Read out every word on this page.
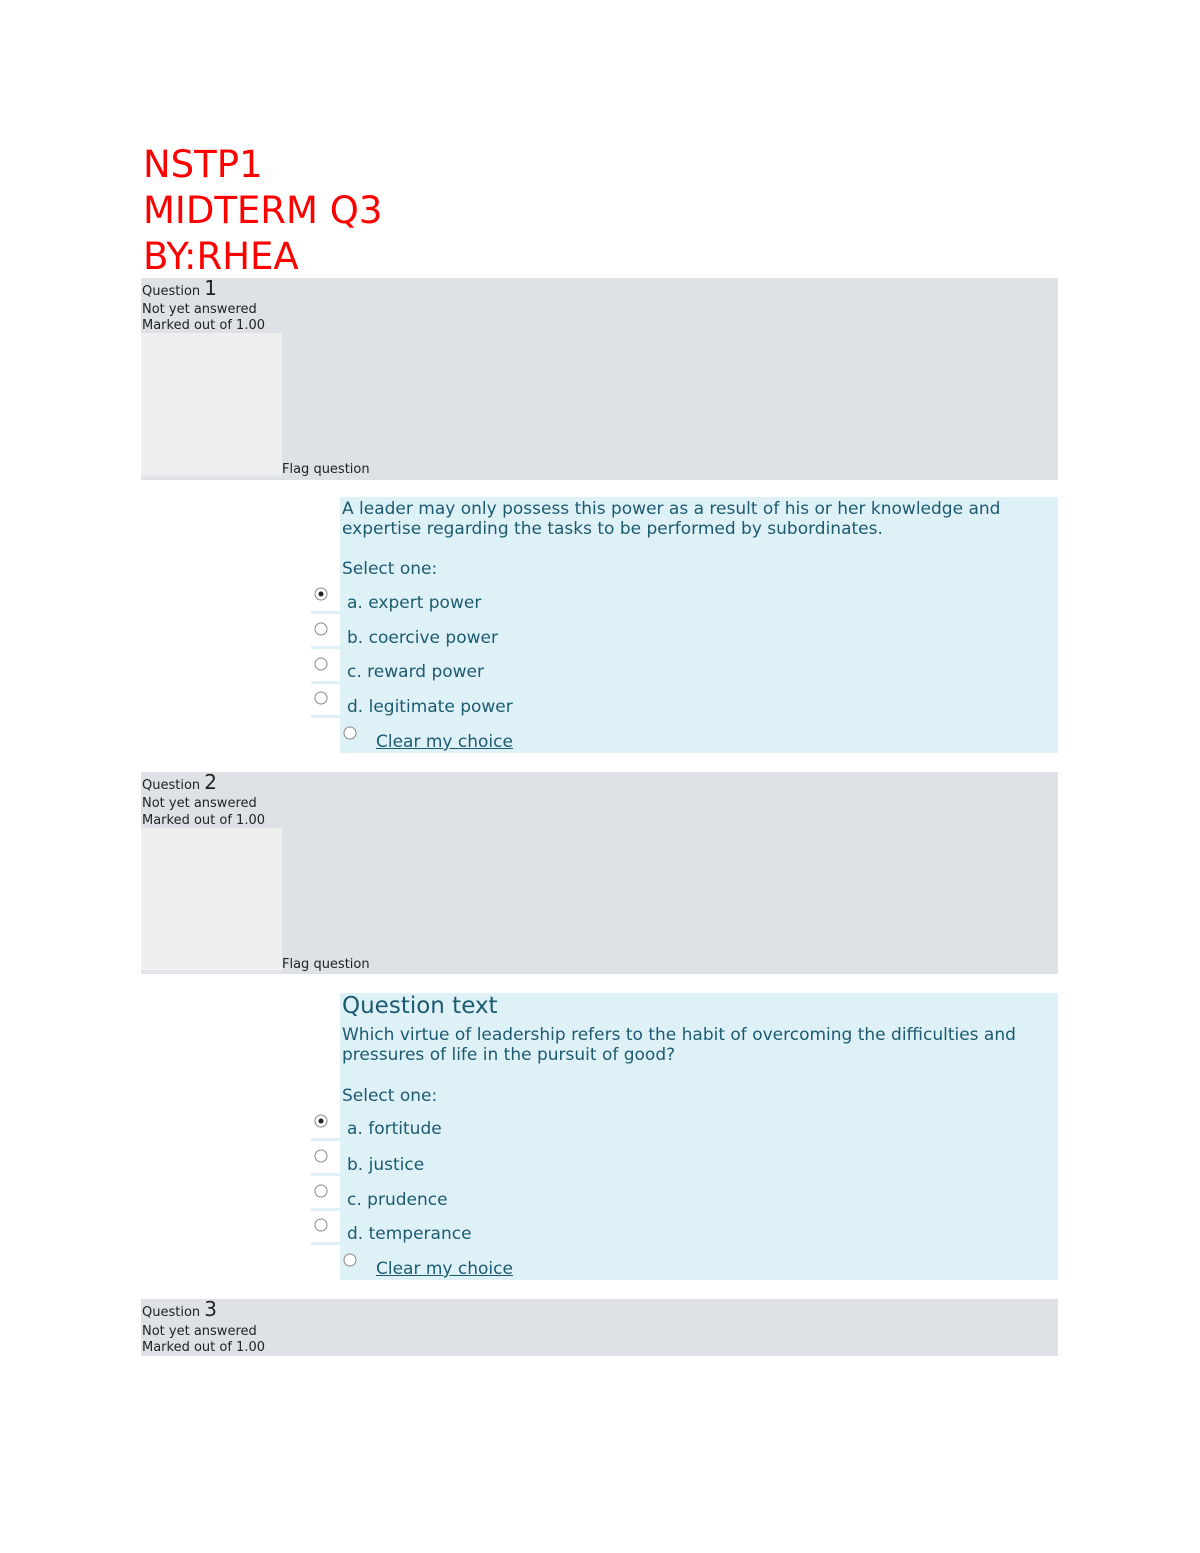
NSTP1
MIDTERM Q3
BY:RHEA
Question 1
Not yet answered
Marked out of 1.00
Flag question
A leader may only possess this power as a result of his or her knowledge and expertise regarding the tasks to be performed by subordinates.
Select one:
a. expert power
b. coercive power
c. reward power
d. legitimate power
Clear my choice
Question 2
Not yet answered
Marked out of 1.00
Flag question
Question text
Which virtue of leadership refers to the habit of overcoming the difficulties and pressures of life in the pursuit of good?
Select one:
a. fortitude
b. justice
c. prudence
d. temperance
Clear my choice
Question 3
Not yet answered
Marked out of 1.00
